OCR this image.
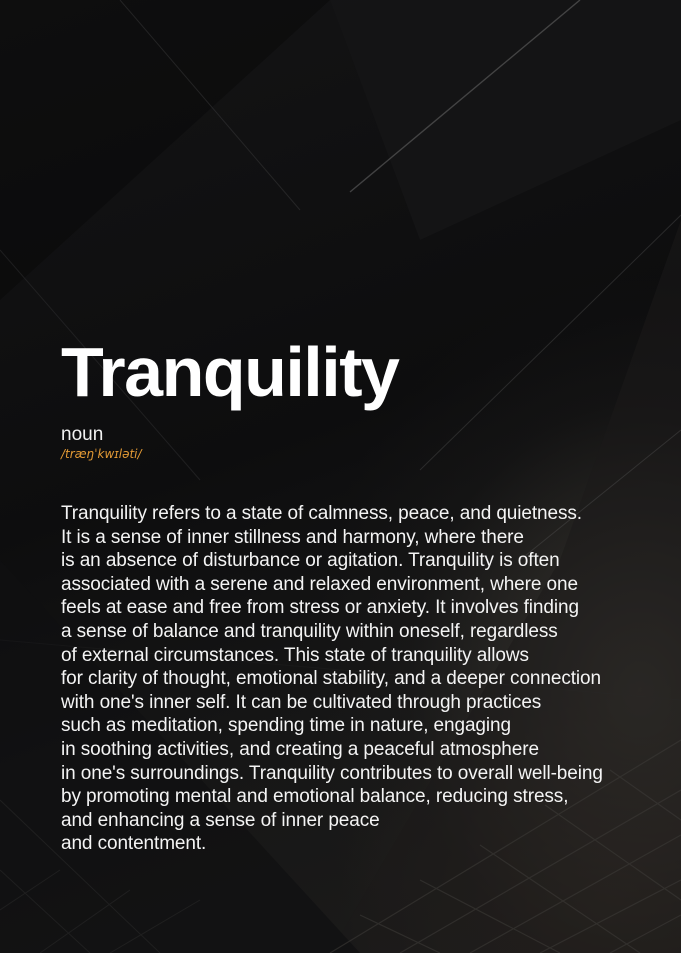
Tranquility
noun
/træŋˈkwɪləti/
Tranquility refers to a state of calmness, peace, and quietness.
It is a sense of inner stillness and harmony, where there
is an absence of disturbance or agitation. Tranquility is often
associated with a serene and relaxed environment, where one
feels at ease and free from stress or anxiety. It involves finding
a sense of balance and tranquility within oneself, regardless
of external circumstances. This state of tranquility allows
for clarity of thought, emotional stability, and a deeper connection
with one's inner self. It can be cultivated through practices
such as meditation, spending time in nature, engaging
in soothing activities, and creating a peaceful atmosphere
in one's surroundings. Tranquility contributes to overall well-being
by promoting mental and emotional balance, reducing stress,
and enhancing a sense of inner peace
and contentment.
